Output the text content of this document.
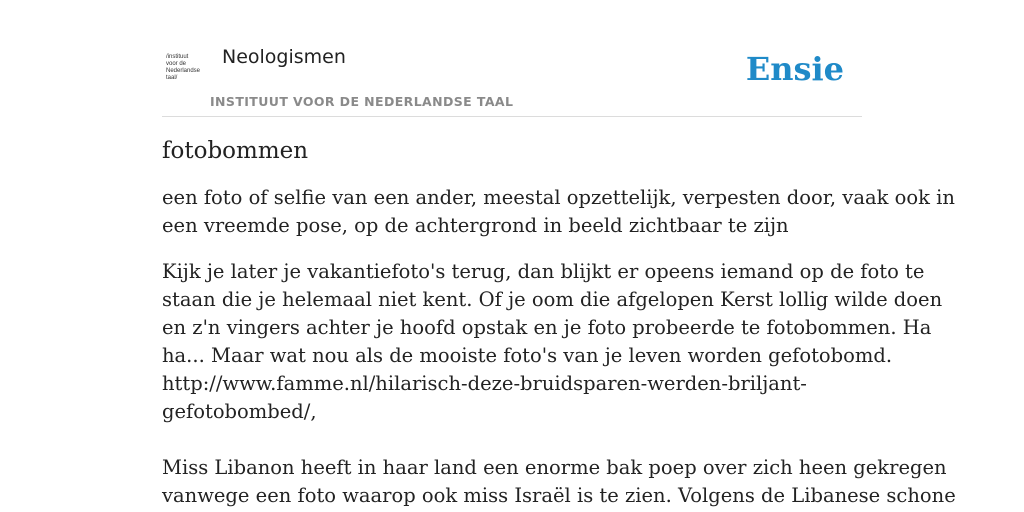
/instituut
voor de
Nederlandse
taal/
Neologismen
INSTITUUT VOOR DE NEDERLANDSE TAAL
Ensie
fotobommen

een foto of selfie van een ander, meestal opzettelijk, verpesten door, vaak ook in
een vreemde pose, op de achtergrond in beeld zichtbaar te zijn

Kijk je later je vakantiefoto's terug, dan blijkt er opeens iemand op de foto te
staan die je helemaal niet kent. Of je oom die afgelopen Kerst lollig wilde doen
en z'n vingers achter je hoofd opstak en je foto probeerde te fotobommen. Ha
ha... Maar wat nou als de mooiste foto's van je leven worden gefotobomd.
http://www.famme.nl/hilarisch-deze-bruidsparen-werden-briljant-
gefotobombed/,
Miss Libanon heeft in haar land een enorme bak poep over zich heen gekregen
vanwege een foto waarop ook miss Israël is te zien. Volgens de Libanese schone
